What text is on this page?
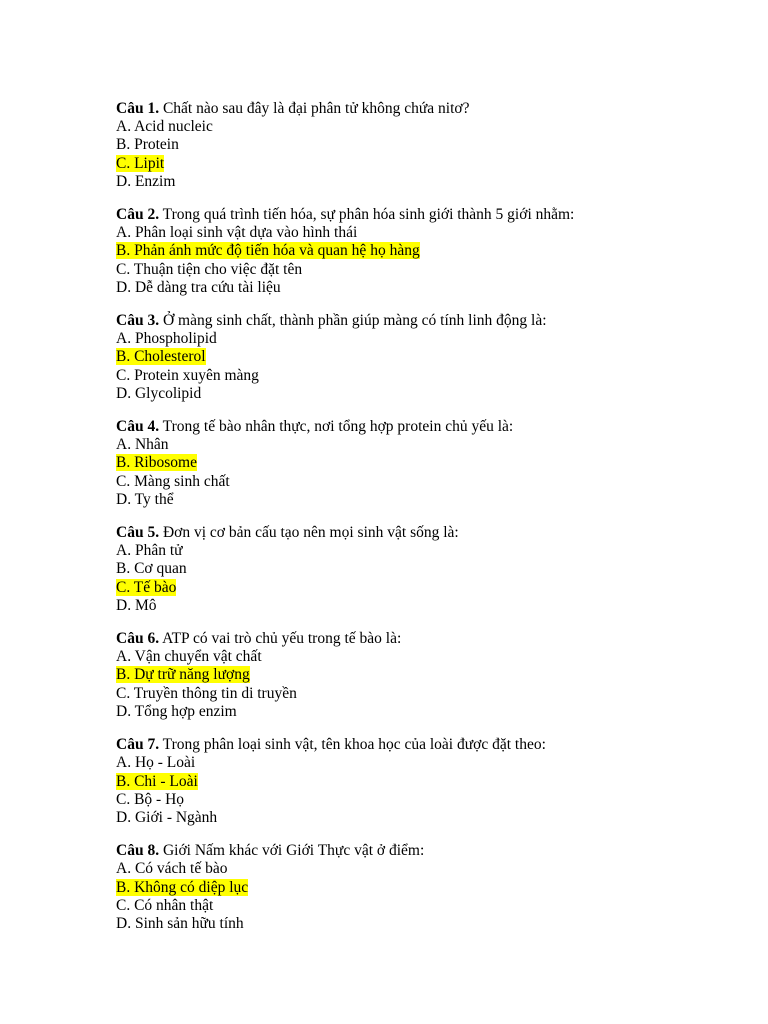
Câu 1. Chất nào sau đây là đại phân tử không chứa nitơ?
A. Acid nucleic
B. Protein
C. Lipit
D. Enzim
Câu 2. Trong quá trình tiến hóa, sự phân hóa sinh giới thành 5 giới nhằm:
A. Phân loại sinh vật dựa vào hình thái
B. Phản ánh mức độ tiến hóa và quan hệ họ hàng
C. Thuận tiện cho việc đặt tên
D. Dễ dàng tra cứu tài liệu
Câu 3. Ở màng sinh chất, thành phần giúp màng có tính linh động là:
A. Phospholipid
B. Cholesterol
C. Protein xuyên màng
D. Glycolipid
Câu 4. Trong tế bào nhân thực, nơi tổng hợp protein chủ yếu là:
A. Nhân
B. Ribosome
C. Màng sinh chất
D. Ty thể
Câu 5. Đơn vị cơ bản cấu tạo nên mọi sinh vật sống là:
A. Phân tử
B. Cơ quan
C. Tế bào
D. Mô
Câu 6. ATP có vai trò chủ yếu trong tế bào là:
A. Vận chuyển vật chất
B. Dự trữ năng lượng
C. Truyền thông tin di truyền
D. Tổng hợp enzim
Câu 7. Trong phân loại sinh vật, tên khoa học của loài được đặt theo:
A. Họ - Loài
B. Chi - Loài
C. Bộ - Họ
D. Giới - Ngành
Câu 8. Giới Nấm khác với Giới Thực vật ở điểm:
A. Có vách tế bào
B. Không có diệp lục
C. Có nhân thật
D. Sinh sản hữu tính
